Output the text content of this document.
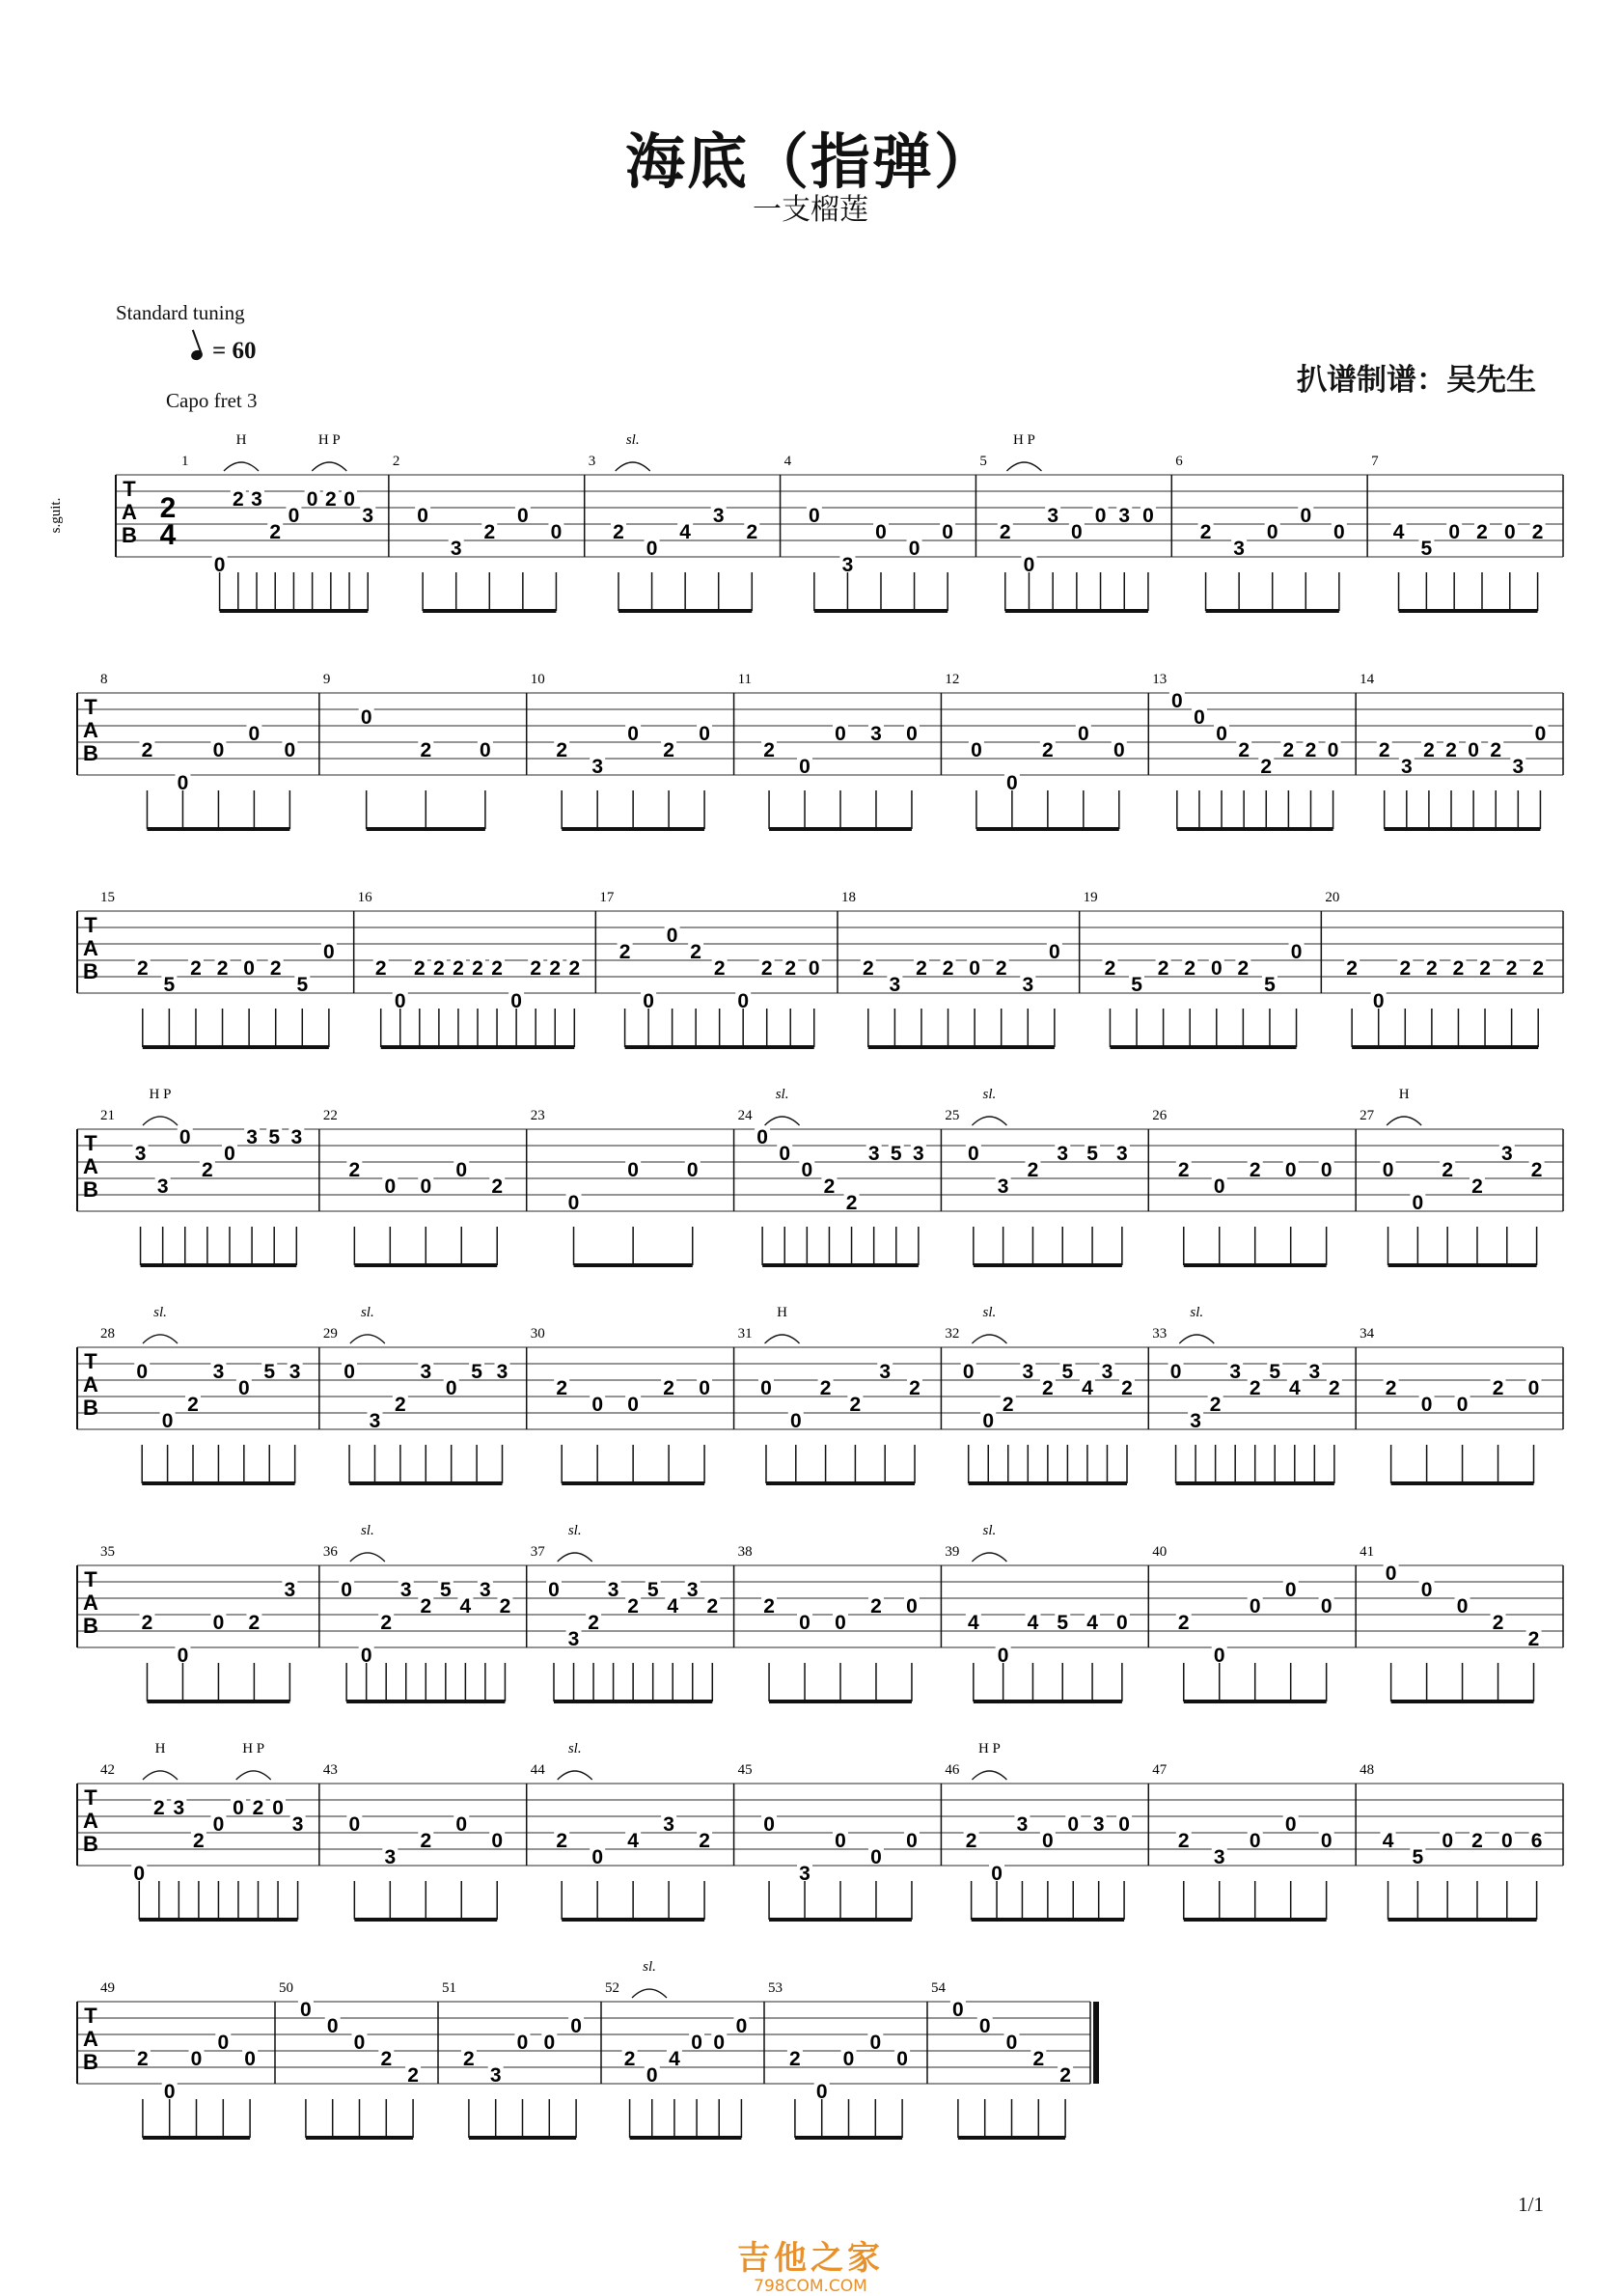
海底（指弹）
一支榴莲
Standard tuning
= 60
Capo fret 3
扒谱制谱：吴先生
T
A
B
2
4
s.guit.
1
0
2 3
2
0
0 2 0
3
H	H P
2
0
3
2
0
0
3
2
0
4
3
2
sl.
4
0
3
0
0
0
5
2
0
3
0
0 3 0
H P
6
2
3
0
0
0
7
4
5
0 2 0 2
T
A
B
8
2
0
0
0
0
9
0
2 0
10
2
3
0
2
0
11
2
0
0 3 0
12
0
0
2
0
0
13
0
0
0
2
2
2 2 0
14
2
3
2 2 0 2
3
0
T
A
B
15
2
5
2 2 0 2
5
0
16
2
0
2 2 2 2 2
0
2 2 2
17
2
0
0
2
2
0
2 2 0
18
2
3
2 2 0 2
3
0
19
2
5
2 2 0 2
5
0
20
2
0
2 2 2 2 2 2
T
A
B
21
3
3
0
2
0
3 5 3
H P
22
2
0 0
0
2
23
0
0 0
24
0
0
0
2
2
3 5 3
sl.
25
0
3
2
3 5 3
sl.
26
2
0
2 0 0
27
0
0
2
2
3
2
H
T
A
B
28
0
0
2
3
0
5 3
sl.
29
0
3
2
3
0
5 3
sl.
30
2
0 0
2 0
31
0
0
2
2
3
2
H
32
0
0
2
3
2
5
4
3
2
sl.
33
0
3
2
3
2
5
4
3
2
sl.
34
2
0 0
2 0
T
A
B
35
2
0
0 2
3
36
0
0
2
3
2
5
4
3
2
sl.
37
0
3
2
3
2
5
4
3
2
sl.
38
2
0 0
2 0
39
4
0
4 5 4 0
sl.
40
2
0
0
0
0
41
0
0
0
2
2
T
A
B
42
0
2 3
2
0
0 2 0
3
H	H P
43
0
3
2
0
0
44
2
0
4
3
2
sl.
45
0
3
0
0
0
46
2
0
3
0
0 3 0
H P
47
2
3
0
0
0
48
4
5
0 2 0 6
T
A
B
49
2
0
0
0
0
50
0
0
0
2
2
51
2
3
0 0
0
52
2
0
4
0 0
0
sl.
53
2
0
0
0
0
54
0
0
0
2
2
1/1
吉他之家
798COM.COM
